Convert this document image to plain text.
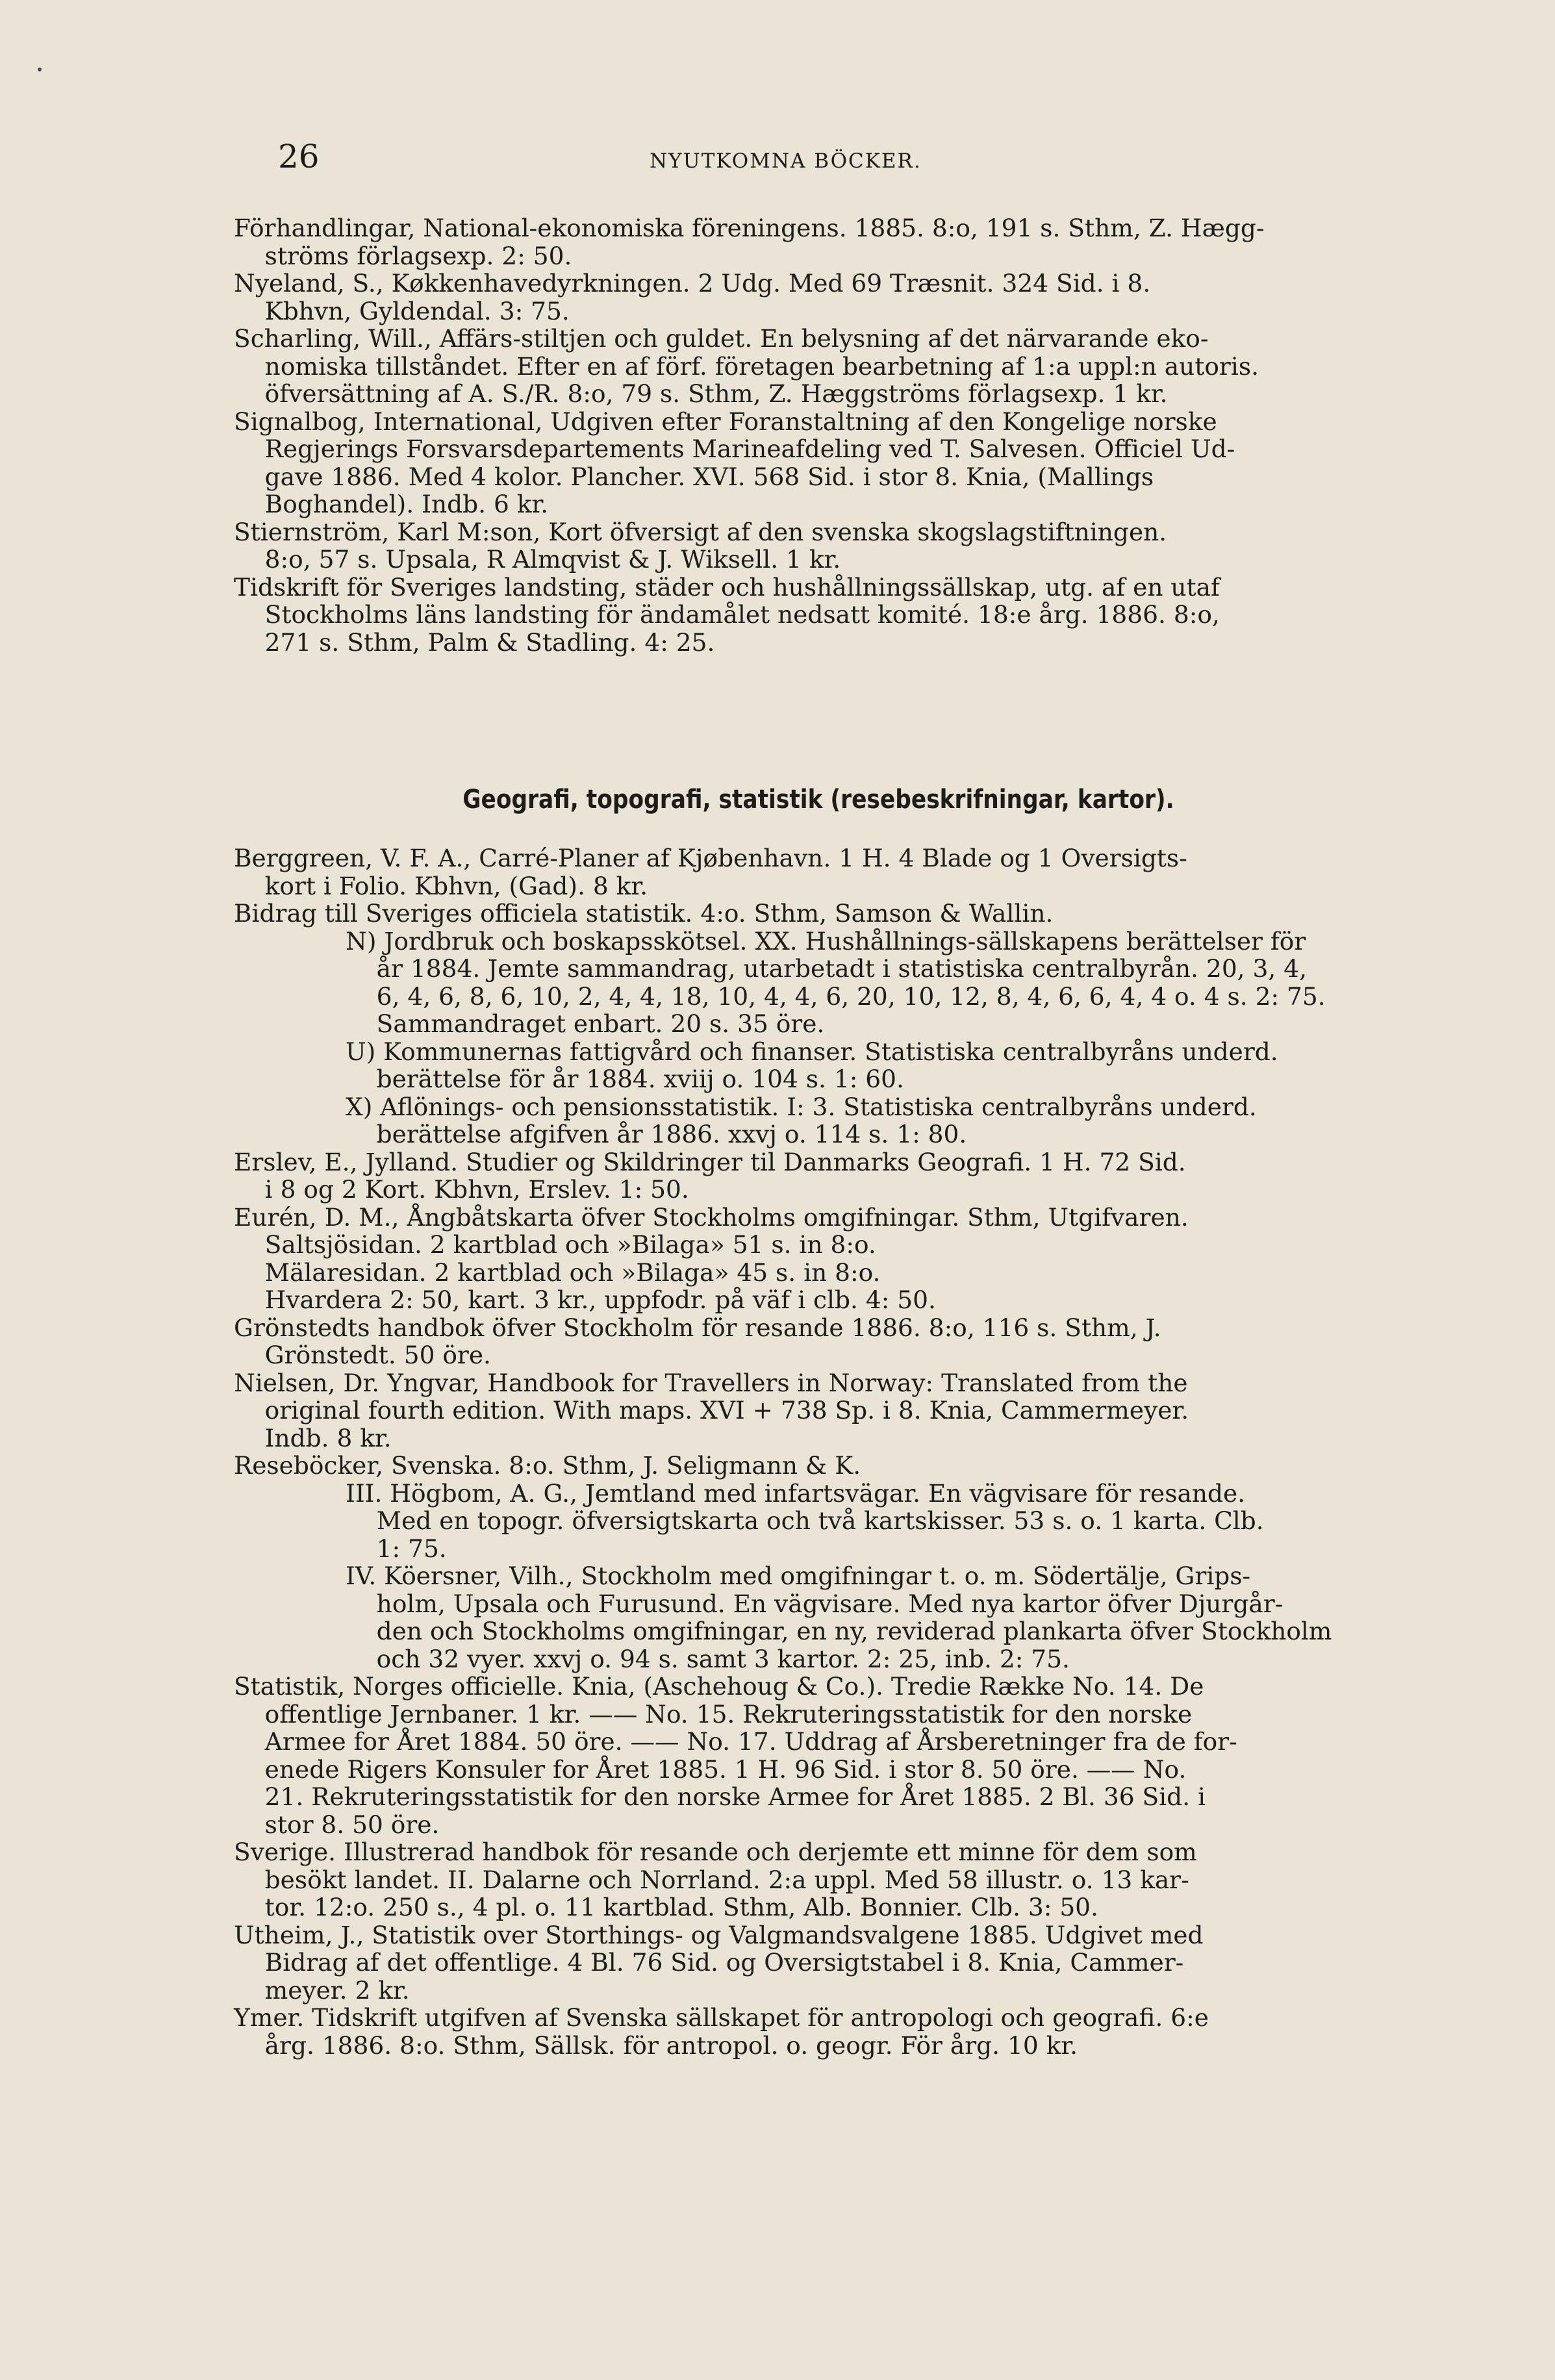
26	NYUTKOMNA BÖCKER.
Förhandlingar, National-ekonomiska föreningens. 1885. 8:o, 191 s. Sthm, Z. Hægg-
ströms förlagsexp. 2: 50.
Nyeland, S., Køkkenhavedyrkningen. 2 Udg. Med 69 Træsnit. 324 Sid. i 8.
Kbhvn, Gyldendal. 3: 75.
Scharling, Will., Affärs-stiltjen och guldet. En belysning af det närvarande eko-
nomiska tillståndet. Efter en af förf. företagen bearbetning af 1:a uppl:n autoris.
öfversättning af A. S./R. 8:o, 79 s. Sthm, Z. Hæggströms förlagsexp. 1 kr.
Signalbog, International, Udgiven efter Foranstaltning af den Kongelige norske
Regjerings Forsvarsdepartements Marineafdeling ved T. Salvesen. Officiel Ud-
gave 1886. Med 4 kolor. Plancher. XVI. 568 Sid. i stor 8. Knia, (Mallings
Boghandel). Indb. 6 kr.
Stiernström, Karl M:son, Kort öfversigt af den svenska skogslagstiftningen.
8:o, 57 s. Upsala, R Almqvist & J. Wiksell. 1 kr.
Tidskrift för Sveriges landsting, städer och hushållningssällskap, utg. af en utaf
Stockholms läns landsting för ändamålet nedsatt komité. 18:e årg. 1886. 8:o,
271 s. Sthm, Palm & Stadling. 4: 25.
Geografi, topografi, statistik (resebeskrifningar, kartor).
Berggreen, V. F. A., Carré-Planer af Kjøbenhavn. 1 H. 4 Blade og 1 Oversigts-
kort i Folio. Kbhvn, (Gad). 8 kr.
Bidrag till Sveriges officiela statistik. 4:o. Sthm, Samson & Wallin.
N) Jordbruk och boskapsskötsel. XX. Hushållnings-sällskapens berättelser för
år 1884. Jemte sammandrag, utarbetadt i statistiska centralbyrån. 20, 3, 4,
6, 4, 6, 8, 6, 10, 2, 4, 4, 18, 10, 4, 4, 6, 20, 10, 12, 8, 4, 6, 6, 4, 4 o. 4 s. 2: 75.
Sammandraget enbart. 20 s. 35 öre.
U) Kommunernas fattigvård och finanser. Statistiska centralbyråns underd.
berättelse för år 1884. xviij o. 104 s. 1: 60.
X) Aflönings- och pensionsstatistik. I: 3. Statistiska centralbyråns underd.
berättelse afgifven år 1886. xxvj o. 114 s. 1: 80.
Erslev, E., Jylland. Studier og Skildringer til Danmarks Geografi. 1 H. 72 Sid.
i 8 og 2 Kort. Kbhvn, Erslev. 1: 50.
Eurén, D. M., Ångbåtskarta öfver Stockholms omgifningar. Sthm, Utgifvaren.
Saltsjösidan. 2 kartblad och »Bilaga» 51 s. in 8:o.
Mälaresidan. 2 kartblad och »Bilaga» 45 s. in 8:o.
Hvardera 2: 50, kart. 3 kr., uppfodr. på väf i clb. 4: 50.
Grönstedts handbok öfver Stockholm för resande 1886. 8:o, 116 s. Sthm, J.
Grönstedt. 50 öre.
Nielsen, Dr. Yngvar, Handbook for Travellers in Norway: Translated from the
original fourth edition. With maps. XVI + 738 Sp. i 8. Knia, Cammermeyer.
Indb. 8 kr.
Reseböcker, Svenska. 8:o. Sthm, J. Seligmann & K.
III. Högbom, A. G., Jemtland med infartsvägar. En vägvisare för resande.
Med en topogr. öfversigtskarta och två kartskisser. 53 s. o. 1 karta. Clb.
1: 75.
IV. Köersner, Vilh., Stockholm med omgifningar t. o. m. Södertälje, Grips-
holm, Upsala och Furusund. En vägvisare. Med nya kartor öfver Djurgår-
den och Stockholms omgifningar, en ny, reviderad plankarta öfver Stockholm
och 32 vyer. xxvj o. 94 s. samt 3 kartor. 2: 25, inb. 2: 75.
Statistik, Norges officielle. Knia, (Aschehoug & Co.). Tredie Række No. 14. De
offentlige Jernbaner. 1 kr. —— No. 15. Rekruteringsstatistik for den norske
Armee for Året 1884. 50 öre. —— No. 17. Uddrag af Årsberetninger fra de for-
enede Rigers Konsuler for Året 1885. 1 H. 96 Sid. i stor 8. 50 öre. —— No.
21. Rekruteringsstatistik for den norske Armee for Året 1885. 2 Bl. 36 Sid. i
stor 8. 50 öre.
Sverige. Illustrerad handbok för resande och derjemte ett minne för dem som
besökt landet. II. Dalarne och Norrland. 2:a uppl. Med 58 illustr. o. 13 kar-
tor. 12:o. 250 s., 4 pl. o. 11 kartblad. Sthm, Alb. Bonnier. Clb. 3: 50.
Utheim, J., Statistik over Storthings- og Valgmandsvalgene 1885. Udgivet med
Bidrag af det offentlige. 4 Bl. 76 Sid. og Oversigtstabel i 8. Knia, Cammer-
meyer. 2 kr.
Ymer. Tidskrift utgifven af Svenska sällskapet för antropologi och geografi. 6:e
årg. 1886. 8:o. Sthm, Sällsk. för antropol. o. geogr. För årg. 10 kr.
